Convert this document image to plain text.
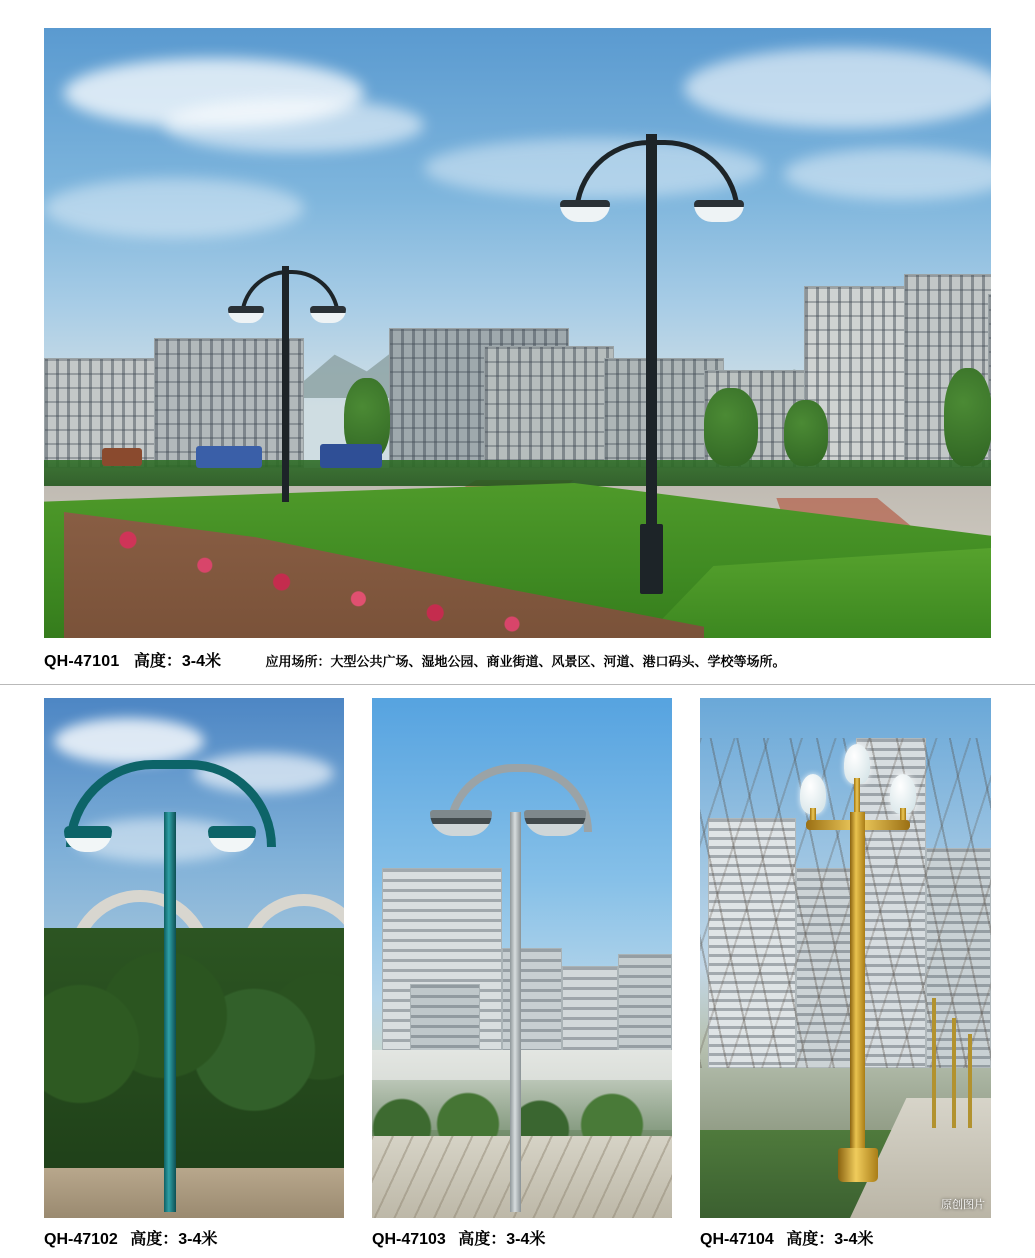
QH-47101 高度：3-4米	应用场所：大型公共广场、湿地公园、商业街道、风景区、河道、港口码头、学校等场所。
原创图片
QH-47102 高度：3-4米	QH-47103 高度：3-4米	QH-47104 高度：3-4米
